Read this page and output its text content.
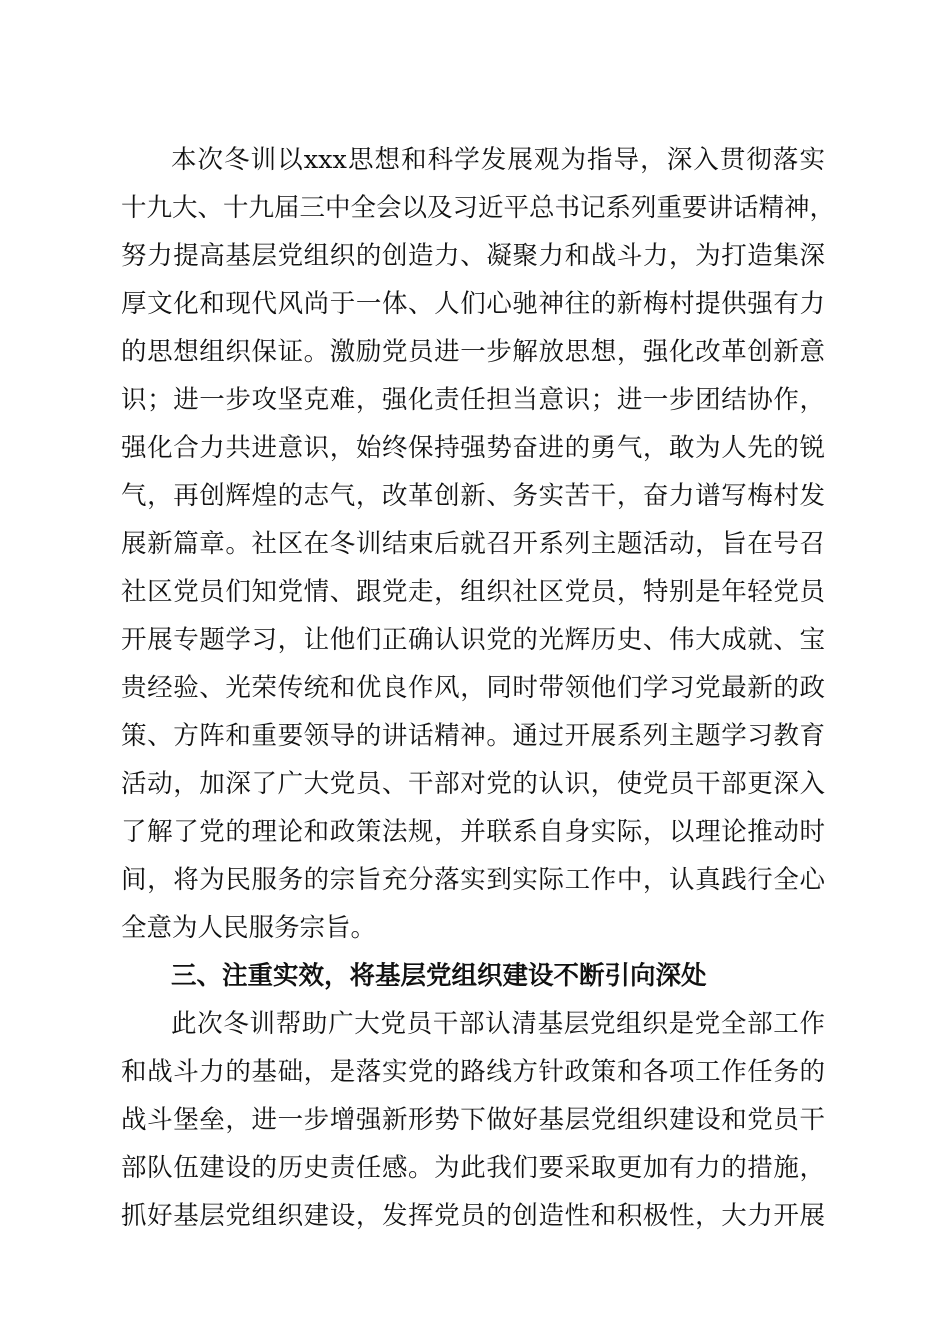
本次冬训以xxx思想和科学发展观为指导，深入贯彻落实
十九大、十九届三中全会以及习近平总书记系列重要讲话精神，
努力提高基层党组织的创造力、凝聚力和战斗力，为打造集深
厚文化和现代风尚于一体、人们心驰神往的新梅村提供强有力
的思想组织保证。激励党员进一步解放思想，强化改革创新意
识；进一步攻坚克难，强化责任担当意识；进一步团结协作，
强化合力共进意识，始终保持强势奋进的勇气，敢为人先的锐
气，再创辉煌的志气，改革创新、务实苦干，奋力谱写梅村发
展新篇章。社区在冬训结束后就召开系列主题活动，旨在号召
社区党员们知党情、跟党走，组织社区党员，特别是年轻党员
开展专题学习，让他们正确认识党的光辉历史、伟大成就、宝
贵经验、光荣传统和优良作风，同时带领他们学习党最新的政
策、方阵和重要领导的讲话精神。通过开展系列主题学习教育
活动，加深了广大党员、干部对党的认识，使党员干部更深入
了解了党的理论和政策法规，并联系自身实际，以理论推动时
间，将为民服务的宗旨充分落实到实际工作中，认真践行全心
全意为人民服务宗旨。
三、注重实效，将基层党组织建设不断引向深处
此次冬训帮助广大党员干部认清基层党组织是党全部工作
和战斗力的基础，是落实党的路线方针政策和各项工作任务的
战斗堡垒，进一步增强新形势下做好基层党组织建设和党员干
部队伍建设的历史责任感。为此我们要采取更加有力的措施，
抓好基层党组织建设，发挥党员的创造性和积极性，大力开展
